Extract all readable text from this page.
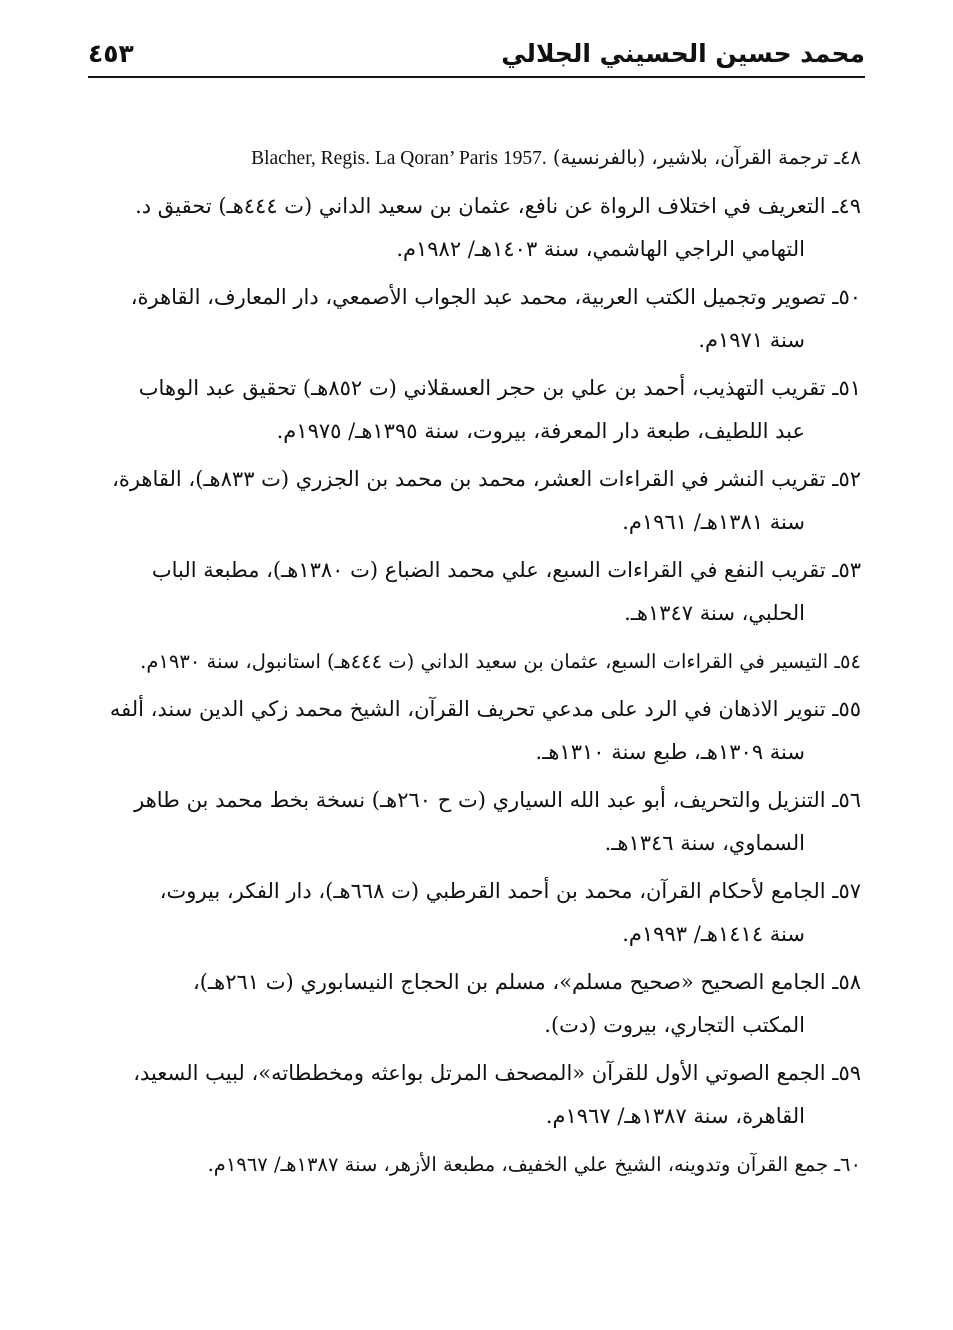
محمد حسين الحسيني الجلالي
٤٥٣
٤٨ـ ترجمة القرآن، بلاشير، (بالفرنسية) Blacher, Regis. La Qoran’ Paris 1957.
٤٩ـ التعريف في اختلاف الرواة عن نافع، عثمان بن سعيد الداني (ت ٤٤٤هـ) تحقيق د.
التهامي الراجي الهاشمي، سنة ١٤٠٣هـ/ ١٩٨٢م.
٥٠ـ تصوير وتجميل الكتب العربية، محمد عبد الجواب الأصمعي، دار المعارف، القاهرة،
سنة ١٩٧١م.
٥١ـ تقريب التهذيب، أحمد بن علي بن حجر العسقلاني (ت ٨٥٢هـ) تحقيق عبد الوهاب
عبد اللطيف، طبعة دار المعرفة، بيروت، سنة ١٣٩٥هـ/ ١٩٧٥م.
٥٢ـ تقريب النشر في القراءات العشر، محمد بن محمد بن الجزري (ت ٨٣٣هـ)، القاهرة،
سنة ١٣٨١هـ/ ١٩٦١م.
٥٣ـ تقريب النفع في القراءات السبع، علي محمد الضباع (ت ١٣٨٠هـ)، مطبعة الباب
الحلبي، سنة ١٣٤٧هـ.
٥٤ـ التيسير في القراءات السبع، عثمان بن سعيد الداني (ت ٤٤٤هـ) استانبول، سنة ١٩٣٠م.
٥٥ـ تنوير الاذهان في الرد على مدعي تحريف القرآن، الشيخ محمد زكي الدين سند، ألفه
سنة ١٣٠٩هـ، طبع سنة ١٣١٠هـ.
٥٦ـ التنزيل والتحريف، أبو عبد الله السياري (ت ح ٢٦٠هـ) نسخة بخط محمد بن طاهر
السماوي، سنة ١٣٤٦هـ.
٥٧ـ الجامع لأحكام القرآن، محمد بن أحمد القرطبي (ت ٦٦٨هـ)، دار الفكر، بيروت،
سنة ١٤١٤هـ/ ١٩٩٣م.
٥٨ـ الجامع الصحيح «صحيح مسلم»، مسلم بن الحجاج النيسابوري (ت ٢٦١هـ)،
المكتب التجاري، بيروت (دت).
٥٩ـ الجمع الصوتي الأول للقرآن «المصحف المرتل بواعثه ومخططاته»، لبيب السعيد،
القاهرة، سنة ١٣٨٧هـ/ ١٩٦٧م.
٦٠ـ جمع القرآن وتدوينه، الشيخ علي الخفيف، مطبعة الأزهر، سنة ١٣٨٧هـ/ ١٩٦٧م.
